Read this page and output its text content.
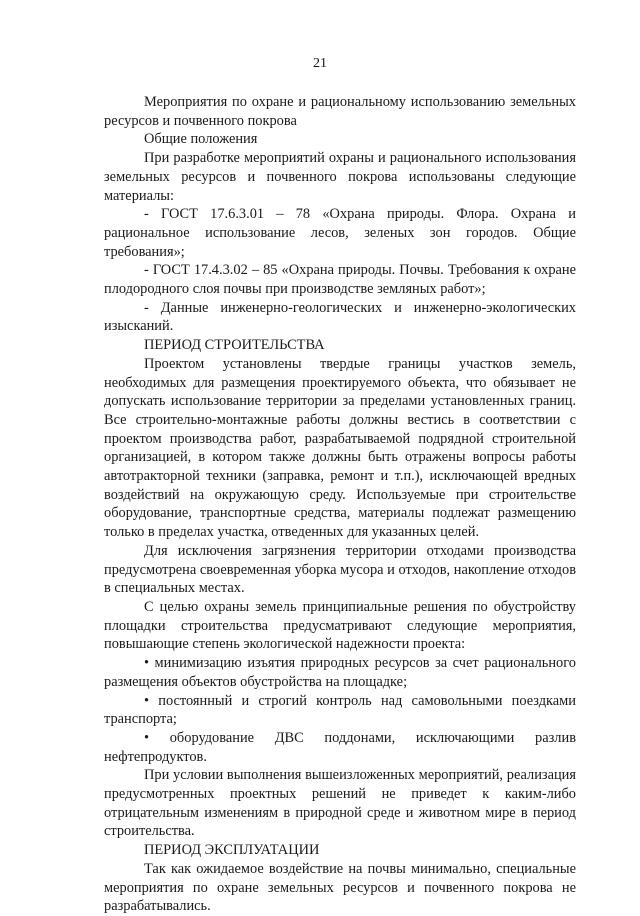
21

Мероприятия по охране и рациональному использованию земельных ресурсов и почвенного покрова

Общие положения

При разработке мероприятий охраны и рационального использования земельных ресурсов и почвенного покрова использованы следующие материалы:

- ГОСТ 17.6.3.01 – 78 «Охрана природы. Флора. Охрана и рациональное использование лесов, зеленых зон городов. Общие требования»;

- ГОСТ 17.4.3.02 – 85 «Охрана природы. Почвы. Требования к охране плодородного слоя почвы при производстве земляных работ»;

- Данные инженерно-геологических и инженерно-экологических изысканий.

ПЕРИОД СТРОИТЕЛЬСТВА

Проектом установлены твердые границы участков земель, необходимых для размещения проектируемого объекта, что обязывает не допускать использование территории за пределами установленных границ. Все строительно-монтажные работы должны вестись в соответствии с проектом производства работ, разрабатываемой подрядной строительной организацией, в котором также должны быть отражены вопросы работы автотракторной техники (заправка, ремонт и т.п.), исключающей вредных воздействий на окружающую среду. Используемые при строительстве оборудование, транспортные средства, материалы подлежат размещению только в пределах участка, отведенных для указанных целей.

Для исключения загрязнения территории отходами производства предусмотрена своевременная уборка мусора и отходов, накопление отходов в специальных местах.

С целью охраны земель принципиальные решения по обустройству площадки строительства предусматривают следующие мероприятия, повышающие степень экологической надежности проекта:

• минимизацию изъятия природных ресурсов за счет рационального размещения объектов обустройства на площадке;

• постоянный и строгий контроль над самовольными поездками транспорта;

• оборудование ДВС поддонами, исключающими разлив нефтепродуктов.

При условии выполнения вышеизложенных мероприятий, реализация предусмотренных проектных решений не приведет к каким-либо отрицательным изменениям в природной среде и животном мире в период строительства.

ПЕРИОД ЭКСПЛУАТАЦИИ

Так как ожидаемое воздействие на почвы минимально, специальные мероприятия по охране земельных ресурсов и почвенного покрова не разрабатывались.
